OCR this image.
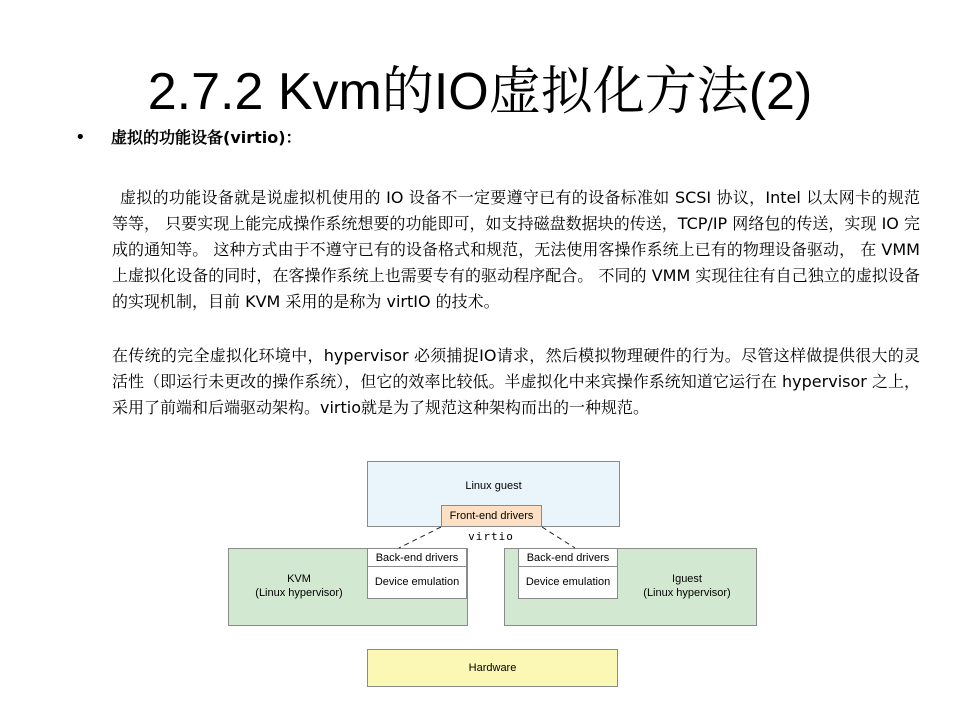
2.7.2 Kvm的IO虚拟化方法(2)
• 虚拟的功能设备(virtio)：

虚拟的功能设备就是说虚拟机使用的 IO 设备不一定要遵守已有的设备标准如 SCSI 协议，Intel 以太网卡的规范等等， 只要实现上能完成操作系统想要的功能即可，如支持磁盘数据块的传送，TCP/IP 网络包的传送，实现 IO 完成的通知等。 这种方式由于不遵守已有的设备格式和规范，无法使用客操作系统上已有的物理设备驱动， 在 VMM 上虚拟化设备的同时，在客操作系统上也需要专有的驱动程序配合。 不同的 VMM 实现往往有自己独立的虚拟设备的实现机制，目前 KVM 采用的是称为 virtIO 的技术。

在传统的完全虚拟化环境中，hypervisor 必须捕捉IO请求，然后模拟物理硬件的行为。尽管这样做提供很大的灵活性（即运行未更改的操作系统），但它的效率比较低。半虚拟化中来宾操作系统知道它运行在 hypervisor 之上，采用了前端和后端驱动架构。virtio就是为了规范这种架构而出的一种规范。

Linux guest
Front-end drivers
KVM
(Linux hypervisor)
Back-end drivers
Device emulation	Iguest
(Linux hypervisor)
Back-end drivers
Device emulation
Hardware
virtio
